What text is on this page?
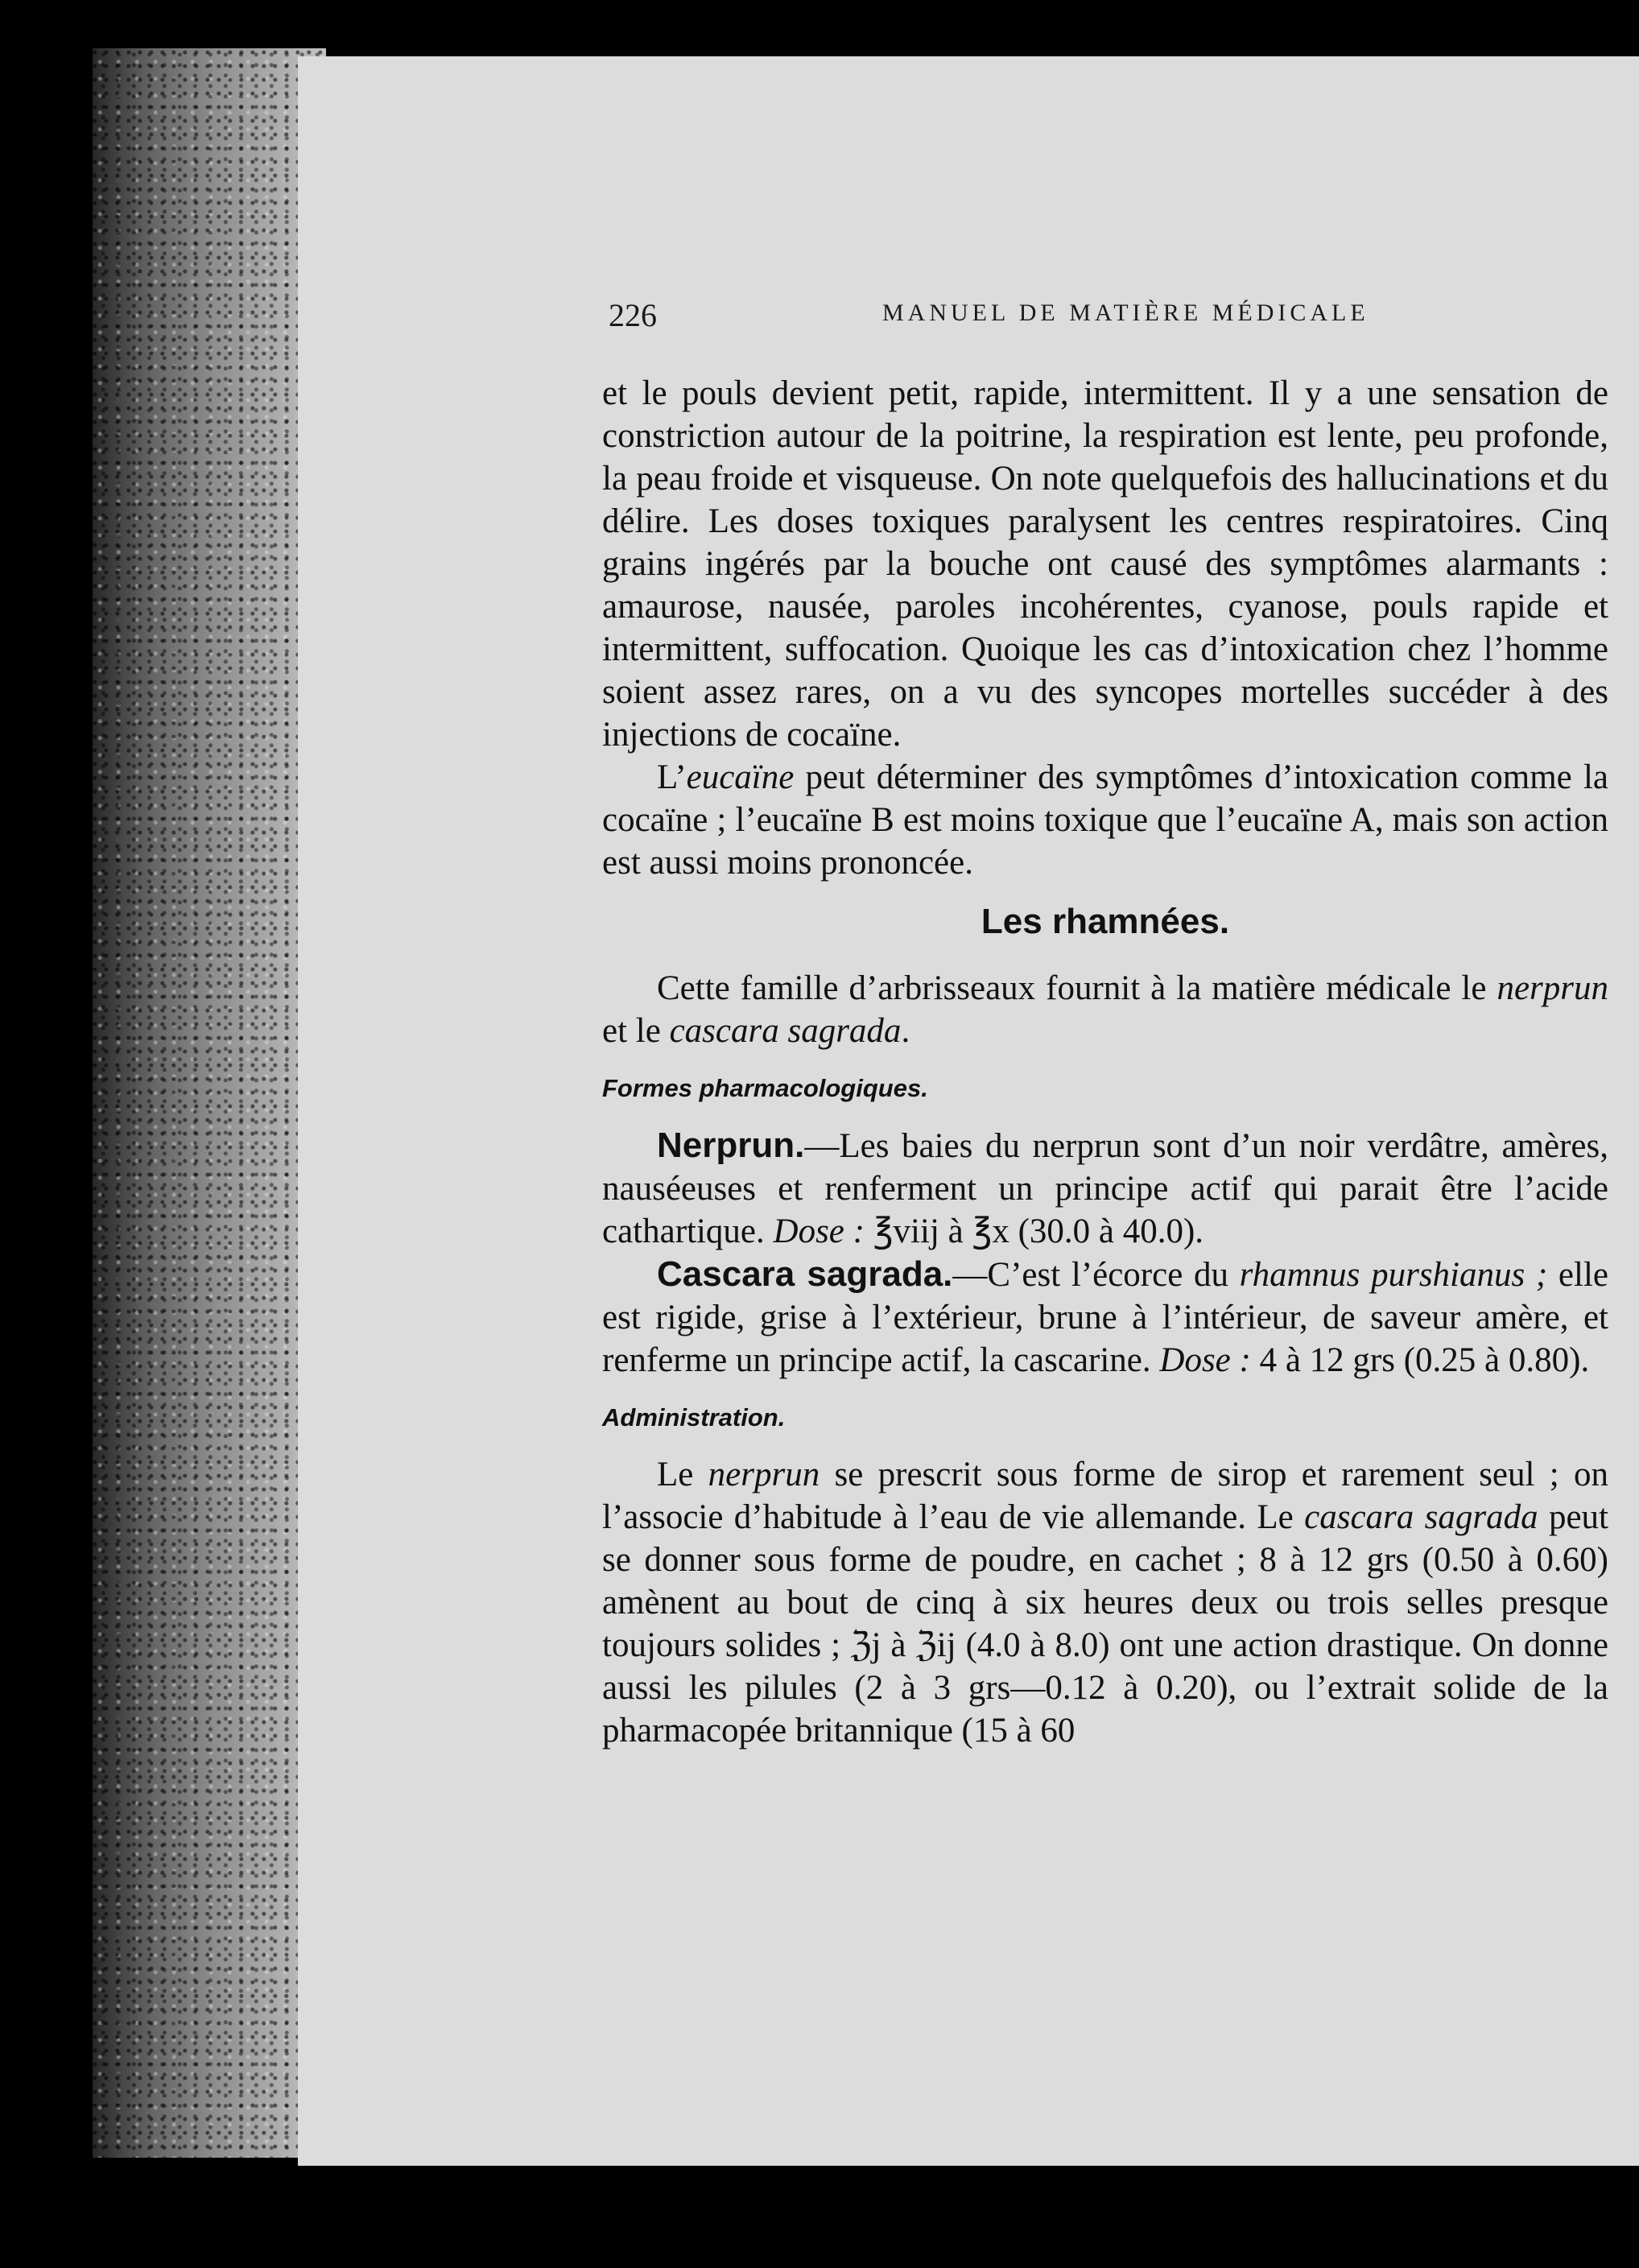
226	MANUEL DE MATIÈRE MÉDICALE

et le pouls devient petit, rapide, intermittent. Il y a une sensation de constriction autour de la poitrine, la respiration est lente, peu profonde, la peau froide et visqueuse. On note quelquefois des hallucinations et du délire. Les doses toxiques paralysent les centres respiratoires. Cinq grains ingérés par la bouche ont causé des symptômes alarmants : amaurose, nausée, paroles incohérentes, cyanose, pouls rapide et intermittent, suffocation. Quoique les cas d’intoxication chez l’homme soient assez rares, on a vu des syncopes mortelles succéder à des injections de cocaïne.

L’eucaïne peut déterminer des symptômes d’intoxication comme la cocaïne ; l’eucaïne B est moins toxique que l’eucaïne A, mais son action est aussi moins prononcée.

Les rhamnées.

Cette famille d’arbrisseaux fournit à la matière médicale le nerprun et le cascara sagrada.

Formes pharmacologiques.

Nerprun.—Les baies du nerprun sont d’un noir verdâtre, amères, nauséeuses et renferment un principe actif qui parait être l’acide cathartique. Dose : ℥viij à ℥x (30.0 à 40.0).

Cascara sagrada.—C’est l’écorce du rhamnus purshianus ; elle est rigide, grise à l’extérieur, brune à l’intérieur, de saveur amère, et renferme un principe actif, la cascarine. Dose : 4 à 12 grs (0.25 à 0.80).

Administration.

Le nerprun se prescrit sous forme de sirop et rarement seul ; on l’associe d’habitude à l’eau de vie allemande. Le cascara sagrada peut se donner sous forme de poudre, en cachet ; 8 à 12 grs (0.50 à 0.60) amènent au bout de cinq à six heures deux ou trois selles presque toujours solides ; ℨj à ℨij (4.0 à 8.0) ont une action drastique. On donne aussi les pilules (2 à 3 grs—0.12 à 0.20), ou l’extrait solide de la pharmacopée britannique (15 à 60
